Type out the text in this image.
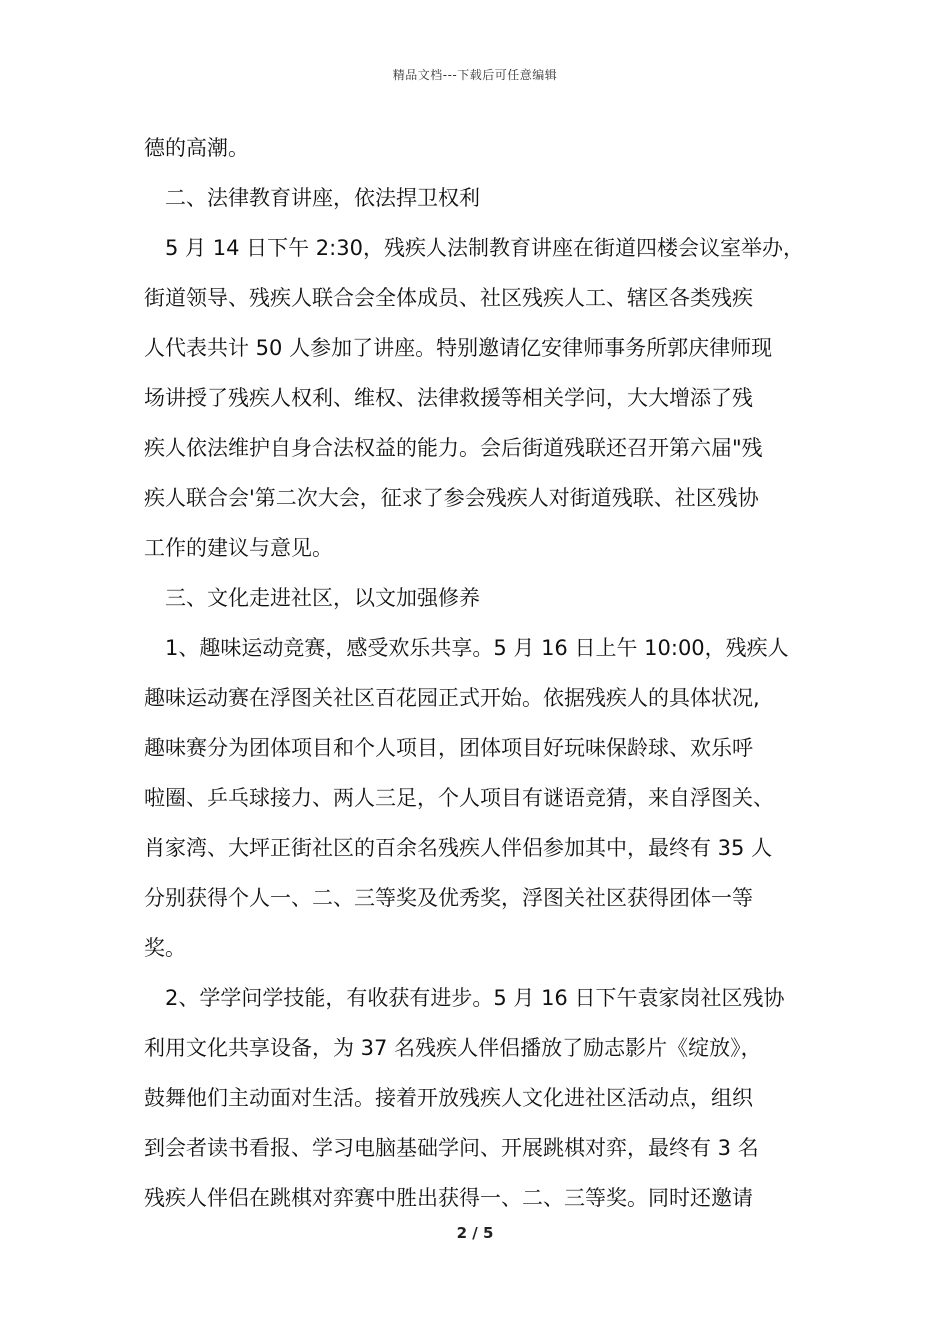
精品文档---下载后可任意编辑
德的高潮。
二、法律教育讲座，依法捍卫权利
5 月 14 日下午 2:30，残疾人法制教育讲座在街道四楼会议室举办，
街道领导、残疾人联合会全体成员、社区残疾人工、辖区各类残疾
人代表共计 50 人参加了讲座。特别邀请亿安律师事务所郭庆律师现
场讲授了残疾人权利、维权、法律救援等相关学问，大大增添了残
疾人依法维护自身合法权益的能力。会后街道残联还召开第六届"残
疾人联合会'第二次大会，征求了参会残疾人对街道残联、社区残协
工作的建议与意见。
三、文化走进社区，以文加强修养
1、趣味运动竞赛，感受欢乐共享。5 月 16 日上午 10:00，残疾人
趣味运动赛在浮图关社区百花园正式开始。依据残疾人的具体状况,
趣味赛分为团体项目和个人项目，团体项目好玩味保龄球、欢乐呼
啦圈、乒乓球接力、两人三足，个人项目有谜语竞猜，来自浮图关、
肖家湾、大坪正街社区的百余名残疾人伴侣参加其中，最终有 35 人
分别获得个人一、二、三等奖及优秀奖，浮图关社区获得团体一等
奖。
2、学学问学技能，有收获有进步。5 月 16 日下午袁家岗社区残协
利用文化共享设备，为 37 名残疾人伴侣播放了励志影片《绽放》，
鼓舞他们主动面对生活。接着开放残疾人文化进社区活动点，组织
到会者读书看报、学习电脑基础学问、开展跳棋对弈，最终有 3 名
残疾人伴侣在跳棋对弈赛中胜出获得一、二、三等奖。同时还邀请
2 / 5
